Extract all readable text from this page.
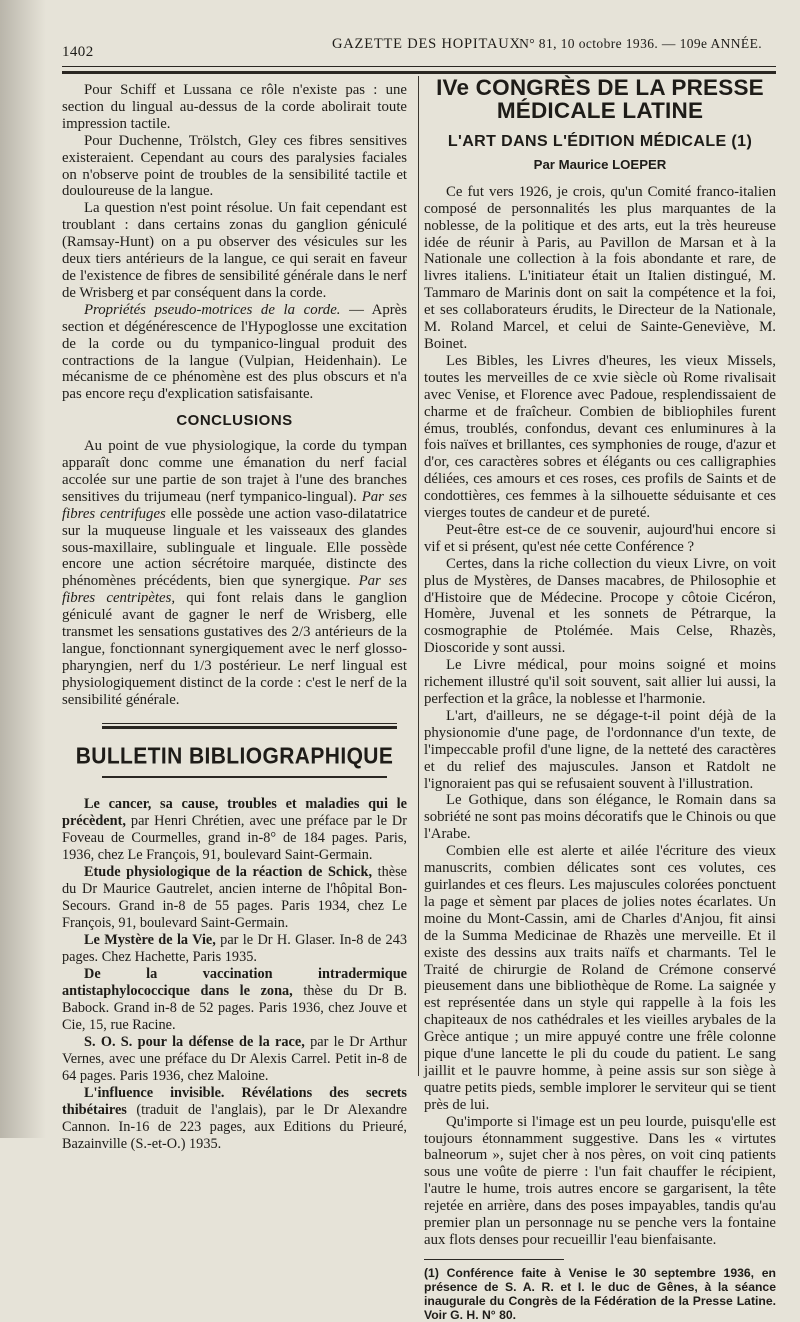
1402	GAZETTE DES HOPITAUX
N° 81, 10 octobre 1936. — 109e ANNÉE.

Pour Schiff et Lussana ce rôle n'existe pas : une section du lingual au-dessus de la corde abolirait toute impression tactile.

Pour Duchenne, Trölstch, Gley ces fibres sensitives existeraient. Cependant au cours des paralysies faciales on n'observe point de troubles de la sensibilité tactile et douloureuse de la langue.

La question n'est point résolue. Un fait cependant est troublant : dans certains zonas du ganglion géniculé (Ramsay-Hunt) on a pu observer des vésicules sur les deux tiers antérieurs de la langue, ce qui serait en faveur de l'existence de fibres de sensibilité générale dans le nerf de Wrisberg et par conséquent dans la corde.

Propriétés pseudo-motrices de la corde. — Après section et dégénérescence de l'Hypoglosse une excitation de la corde ou du tympanico-lingual produit des contractions de la langue (Vulpian, Heidenhain). Le mécanisme de ce phénomène est des plus obscurs et n'a pas encore reçu d'explication satisfaisante.

CONCLUSIONS

Au point de vue physiologique, la corde du tympan apparaît donc comme une émanation du nerf facial accolée sur une partie de son trajet à l'une des branches sensitives du trijumeau (nerf tympanico-lingual). Par ses fibres centrifuges elle possède une action vaso-dilatatrice sur la muqueuse linguale et les vaisseaux des glandes sous-maxillaire, sublinguale et linguale. Elle possède encore une action sécrétoire marquée, distincte des phénomènes précédents, bien que synergique. Par ses fibres centripètes, qui font relais dans le ganglion géniculé avant de gagner le nerf de Wrisberg, elle transmet les sensations gustatives des 2/3 antérieurs de la langue, fonctionnant synergiquement avec le nerf glosso-pharyngien, nerf du 1/3 postérieur. Le nerf lingual est physiologiquement distinct de la corde : c'est le nerf de la sensibilité générale.

BULLETIN BIBLIOGRAPHIQUE

Le cancer, sa cause, troubles et maladies qui le précèdent, par Henri Chrétien, avec une préface par le Dr Foveau de Courmelles, grand in-8° de 184 pages. Paris, 1936, chez Le François, 91, boulevard Saint-Germain.

Etude physiologique de la réaction de Schick, thèse du Dr Maurice Gautrelet, ancien interne de l'hôpital Bon-Secours. Grand in-8 de 55 pages. Paris 1934, chez Le François, 91, boulevard Saint-Germain.

Le Mystère de la Vie, par le Dr H. Glaser. In-8 de 243 pages. Chez Hachette, Paris 1935.

De la vaccination intradermique antistaphylococcique dans le zona, thèse du Dr B. Babock. Grand in-8 de 52 pages. Paris 1936, chez Jouve et Cie, 15, rue Racine.

S. O. S. pour la défense de la race, par le Dr Arthur Vernes, avec une préface du Dr Alexis Carrel. Petit in-8 de 64 pages. Paris 1936, chez Maloine.

L'influence invisible. Révélations des secrets thibétaires (traduit de l'anglais), par le Dr Alexandre Cannon. In-16 de 223 pages, aux Editions du Prieuré, Bazainville (S.-et-O.) 1935.

IVe CONGRÈS DE LA PRESSE MÉDICALE LATINE
L'ART DANS L'ÉDITION MÉDICALE (1)
Par Maurice LOEPER

Ce fut vers 1926, je crois, qu'un Comité franco-italien composé de personnalités les plus marquantes de la noblesse, de la politique et des arts, eut la très heureuse idée de réunir à Paris, au Pavillon de Marsan et à la Nationale une collection à la fois abondante et rare, de livres italiens. L'initiateur était un Italien distingué, M. Tammaro de Marinis dont on sait la compétence et la foi, et ses collaborateurs érudits, le Directeur de la Nationale, M. Roland Marcel, et celui de Sainte-Geneviève, M. Boinet.

Les Bibles, les Livres d'heures, les vieux Missels, toutes les merveilles de ce xvie siècle où Rome rivalisait avec Venise, et Florence avec Padoue, resplendissaient de charme et de fraîcheur. Combien de bibliophiles furent émus, troublés, confondus, devant ces enluminures à la fois naïves et brillantes, ces symphonies de rouge, d'azur et d'or, ces caractères sobres et élégants ou ces calligraphies déliées, ces amours et ces roses, ces profils de Saints et de condottières, ces femmes à la silhouette séduisante et ces vierges toutes de candeur et de pureté.

Peut-être est-ce de ce souvenir, aujourd'hui encore si vif et si présent, qu'est née cette Conférence ?

Certes, dans la riche collection du vieux Livre, on voit plus de Mystères, de Danses macabres, de Philosophie et d'Histoire que de Médecine. Procope y côtoie Cicéron, Homère, Juvenal et les sonnets de Pétrarque, la cosmographie de Ptolémée. Mais Celse, Rhazès, Dioscoride y sont aussi.

Le Livre médical, pour moins soigné et moins richement illustré qu'il soit souvent, sait allier lui aussi, la perfection et la grâce, la noblesse et l'harmonie.

L'art, d'ailleurs, ne se dégage-t-il point déjà de la physionomie d'une page, de l'ordonnance d'un texte, de l'impeccable profil d'une ligne, de la netteté des caractères et du relief des majuscules. Janson et Ratdolt ne l'ignoraient pas qui se refusaient souvent à l'illustration.

Le Gothique, dans son élégance, le Romain dans sa sobriété ne sont pas moins décoratifs que le Chinois ou que l'Arabe.

Combien elle est alerte et ailée l'écriture des vieux manuscrits, combien délicates sont ces volutes, ces guirlandes et ces fleurs. Les majuscules colorées ponctuent la page et sèment par places de jolies notes écarlates. Un moine du Mont-Cassin, ami de Charles d'Anjou, fit ainsi de la Summa Medicinae de Rhazès une merveille. Et il existe des dessins aux traits naïfs et charmants. Tel le Traité de chirurgie de Roland de Crémone conservé pieusement dans une bibliothèque de Rome. La saignée y est représentée dans un style qui rappelle à la fois les chapiteaux de nos cathédrales et les vieilles arybales de la Grèce antique ; un mire appuyé contre une frêle colonne pique d'une lancette le pli du coude du patient. Le sang jaillit et le pauvre homme, à peine assis sur son siège à quatre petits pieds, semble implorer le serviteur qui se tient près de lui.

Qu'importe si l'image est un peu lourde, puisqu'elle est toujours étonnamment suggestive. Dans les « virtutes balneorum », sujet cher à nos pères, on voit cinq patients sous une voûte de pierre : l'un fait chauffer le récipient, l'autre le hume, trois autres encore se gargarisent, la tête rejetée en arrière, dans des poses impayables, tandis qu'au premier plan un personnage nu se penche vers la fontaine aux flots denses pour recueillir l'eau bienfaisante.

(1) Conférence faite à Venise le 30 septembre 1936, en présence de S. A. R. et I. le duc de Gênes, à la séance inaugurale du Congrès de la Fédération de la Presse Latine. Voir G. H. N° 80.
